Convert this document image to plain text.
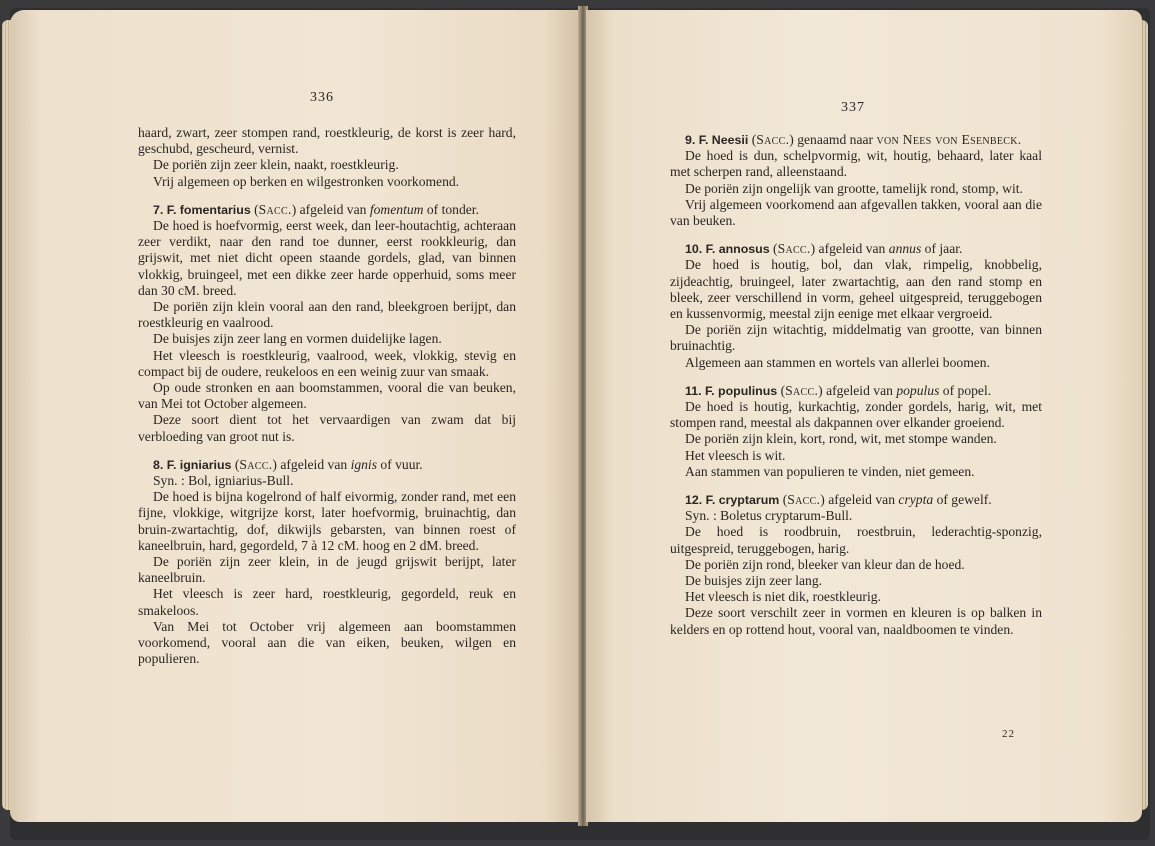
336

haard, zwart, zeer stompen rand, roestkleurig, de korst is zeer hard, geschubd, gescheurd, vernist.

De poriën zijn zeer klein, naakt, roestkleurig.

Vrij algemeen op berken en wilgestronken voorkomend.

7. F. fomentarius (Sacc.) afgeleid van fomentum of tonder.

De hoed is hoefvormig, eerst week, dan leer-houtachtig, achteraan zeer verdikt, naar den rand toe dunner, eerst rookkleurig, dan grijswit, met niet dicht opeen staande gordels, glad, van binnen vlokkig, bruingeel, met een dikke zeer harde opperhuid, soms meer dan 30 cM. breed.

De poriën zijn klein vooral aan den rand, bleekgroen berijpt, dan roestkleurig en vaalrood.

De buisjes zijn zeer lang en vormen duidelijke lagen.

Het vleesch is roestkleurig, vaalrood, week, vlokkig, stevig en compact bij de oudere, reukeloos en een weinig zuur van smaak.

Op oude stronken en aan boomstammen, vooral die van beuken, van Mei tot October algemeen.

Deze soort dient tot het vervaardigen van zwam dat bij verbloeding van groot nut is.

8. F. igniarius (Sacc.) afgeleid van ignis of vuur.

Syn. : Bol, igniarius-Bull.

De hoed is bijna kogelrond of half eivormig, zonder rand, met een fijne, vlokkige, witgrijze korst, later hoefvormig, bruinachtig, dan bruin-zwartachtig, dof, dikwijls gebarsten, van binnen roest of kaneelbruin, hard, gegordeld, 7 à 12 cM. hoog en 2 dM. breed.

De poriën zijn zeer klein, in de jeugd grijswit berijpt, later kaneelbruin.

Het vleesch is zeer hard, roestkleurig, gegordeld, reuk en smakeloos.

Van Mei tot October vrij algemeen aan boomstammen voorkomend, vooral aan die van eiken, beuken, wilgen en populieren.

337

9. F. Neesii (Sacc.) genaamd naar von Nees von Esenbeck.

De hoed is dun, schelpvormig, wit, houtig, behaard, later kaal met scherpen rand, alleenstaand.

De poriën zijn ongelijk van grootte, tamelijk rond, stomp, wit.

Vrij algemeen voorkomend aan afgevallen takken, vooral aan die van beuken.

10. F. annosus (Sacc.) afgeleid van annus of jaar.

De hoed is houtig, bol, dan vlak, rimpelig, knobbelig, zijdeachtig, bruingeel, later zwartachtig, aan den rand stomp en bleek, zeer verschillend in vorm, geheel uitgespreid, teruggebogen en kussenvormig, meestal zijn eenige met elkaar vergroeid.

De poriën zijn witachtig, middelmatig van grootte, van binnen bruinachtig.

Algemeen aan stammen en wortels van allerlei boomen.

11. F. populinus (Sacc.) afgeleid van populus of popel.

De hoed is houtig, kurkachtig, zonder gordels, harig, wit, met stompen rand, meestal als dakpannen over elkander groeiend.

De poriën zijn klein, kort, rond, wit, met stompe wanden.

Het vleesch is wit.

Aan stammen van populieren te vinden, niet gemeen.

12. F. cryptarum (Sacc.) afgeleid van crypta of gewelf.

Syn. : Boletus cryptarum-Bull.

De hoed is roodbruin, roestbruin, lederachtig-sponzig, uitgespreid, teruggebogen, harig.

De poriën zijn rond, bleeker van kleur dan de hoed.

De buisjes zijn zeer lang.

Het vleesch is niet dik, roestkleurig.

Deze soort verschilt zeer in vormen en kleuren is op balken in kelders en op rottend hout, vooral van, naaldboomen te vinden.

22
